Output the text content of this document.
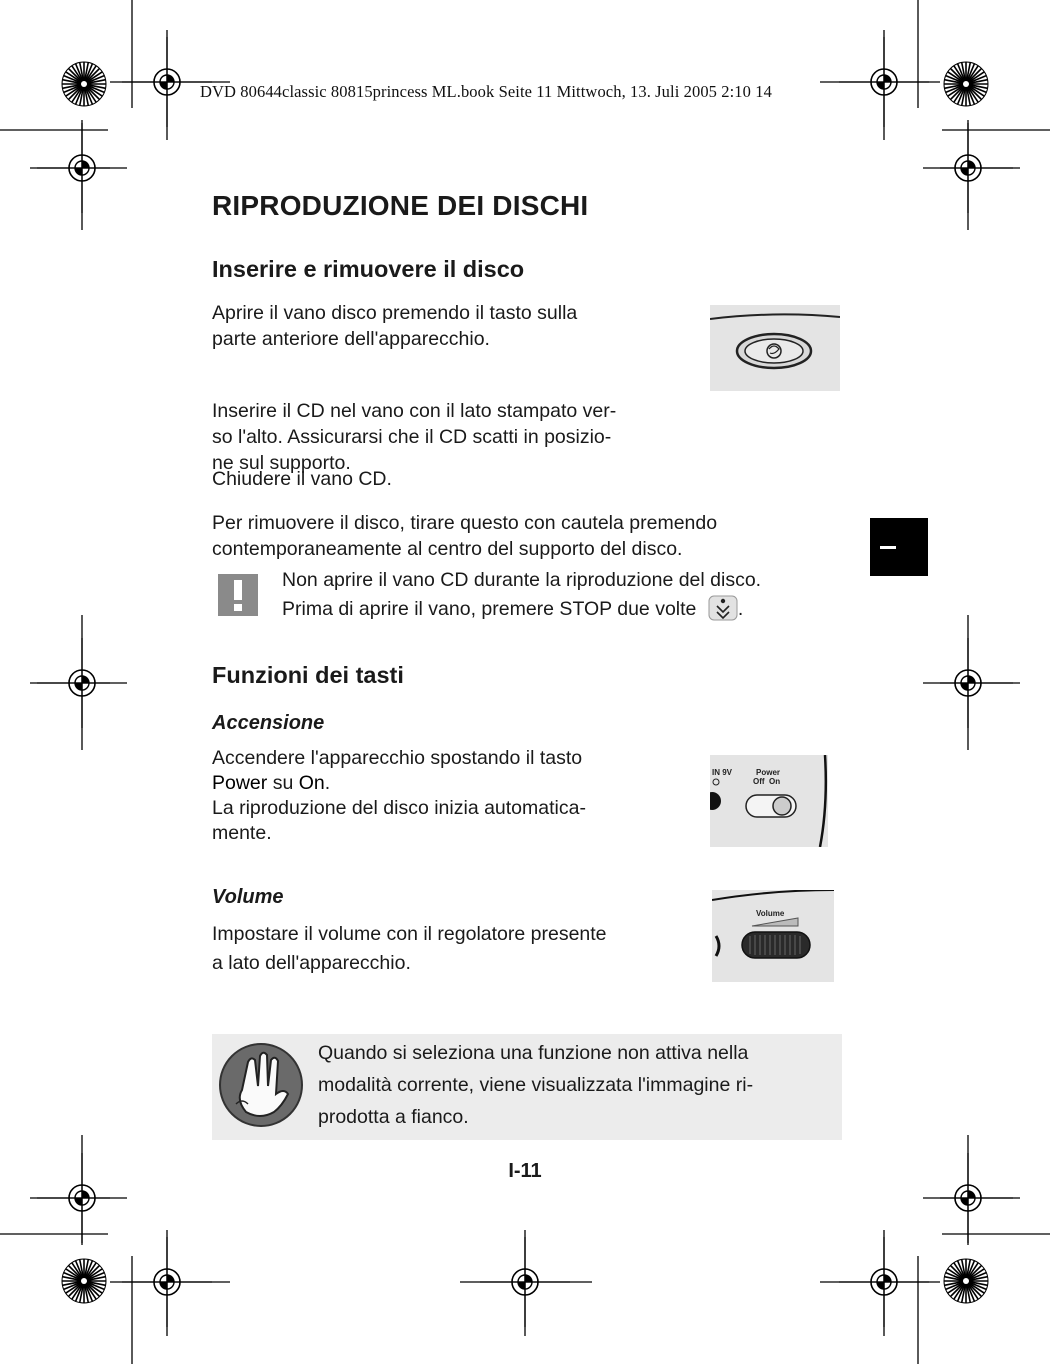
DVD 80644classic 80815princess ML.book Seite 11 Mittwoch, 13. Juli 2005 2:10 14
RIPRODUZIONE DEI DISCHI
Inserire e rimuovere il disco
Aprire il vano disco premendo il tasto sulla
parte anteriore dell'apparecchio.
Inserire il CD nel vano con il lato stampato ver-
so l'alto. Assicurarsi che il CD scatti in posizio-
ne sul supporto.
Chiudere il vano CD.
Per rimuovere il disco, tirare questo con cautela premendo
contemporaneamente al centro del supporto del disco.
Non aprire il vano CD durante la riproduzione del disco.
Prima di aprire il vano, premere STOP due volte .
Funzioni dei tasti
Accensione
Accendere l'apparecchio spostando il tasto
Power su On.
La riproduzione del disco inizia automatica-
mente.
IN 9V	Power
Off  On
Volume
Impostare il volume con il regolatore presente
a lato dell'apparecchio.
Volume
Quando si seleziona una funzione non attiva nella
modalità corrente, viene visualizzata l'immagine ri-
prodotta a fianco.
I-11
